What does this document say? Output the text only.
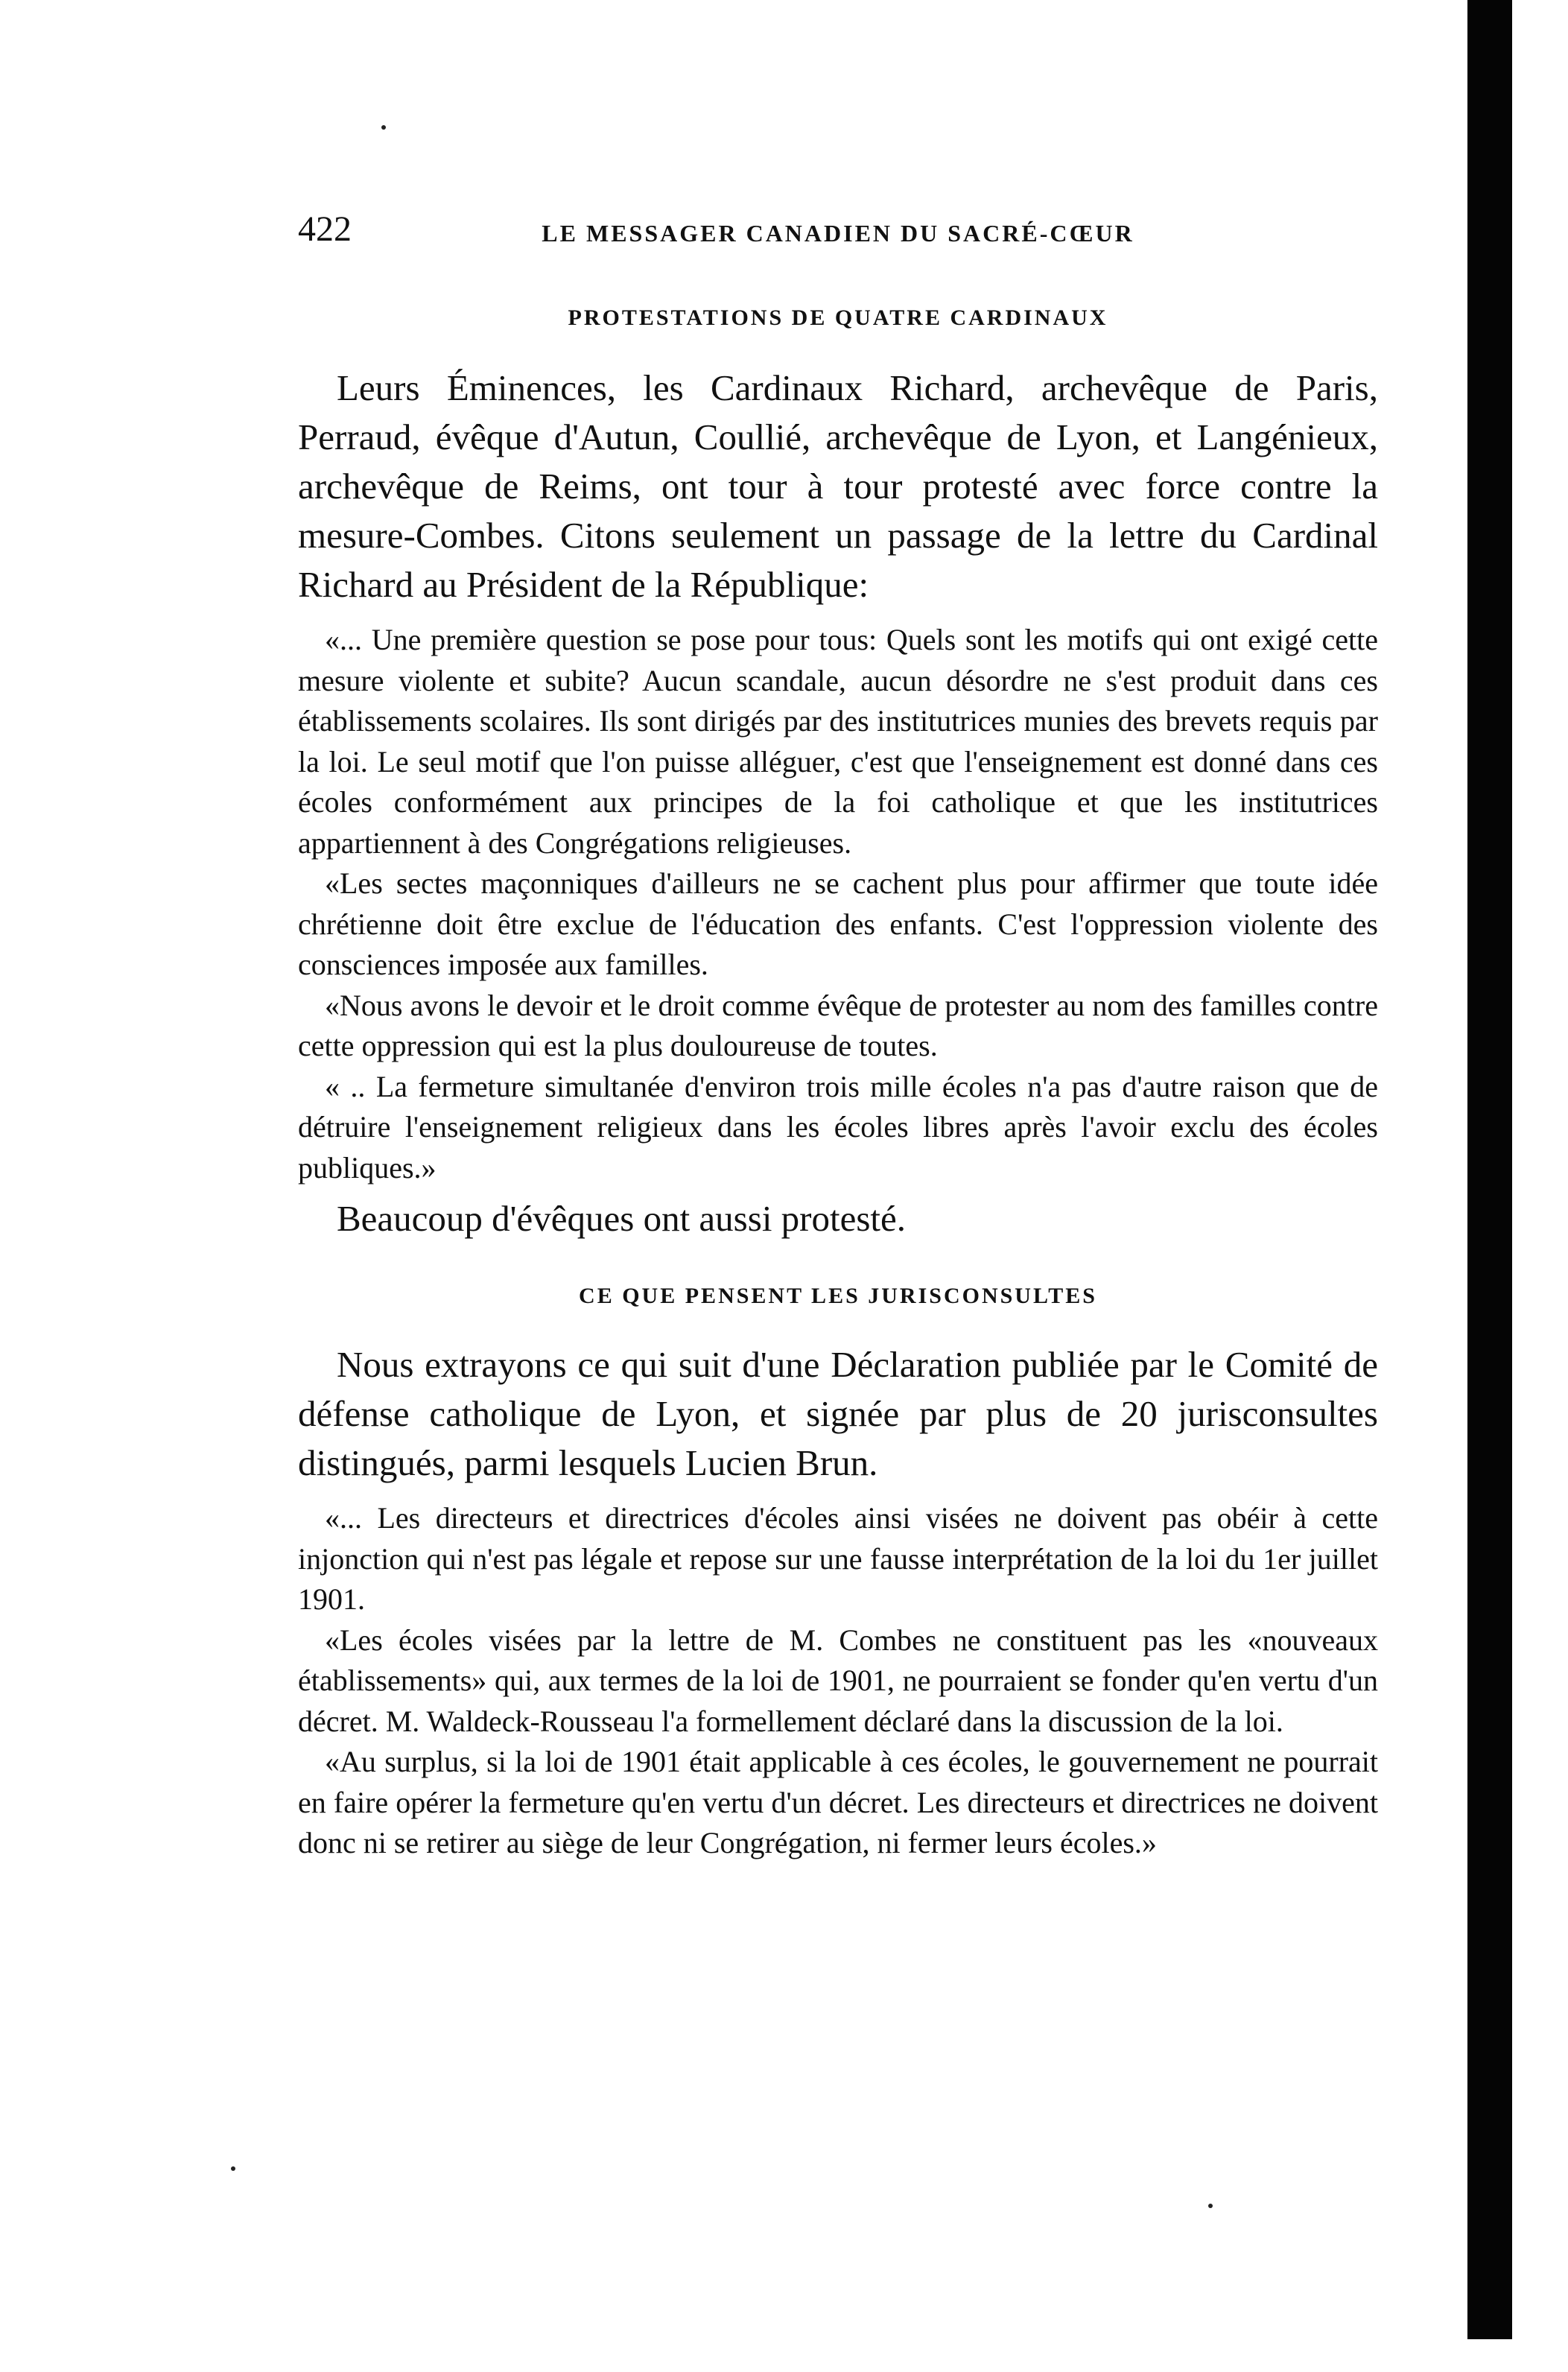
422	LE MESSAGER CANADIEN DU SACRÉ-CŒUR
PROTESTATIONS DE QUATRE CARDINAUX

Leurs Éminences, les Cardinaux Richard, archevêque de Paris, Perraud, évêque d'Autun, Coullié, archevêque de Lyon, et Langénieux, archevêque de Reims, ont tour à tour protesté avec force contre la mesure-Combes. Citons seulement un passage de la lettre du Cardinal Richard au Président de la République:

«... Une première question se pose pour tous: Quels sont les motifs qui ont exigé cette mesure violente et subite? Aucun scandale, aucun désordre ne s'est produit dans ces établissements scolaires. Ils sont dirigés par des institutrices munies des brevets requis par la loi. Le seul motif que l'on puisse alléguer, c'est que l'enseignement est donné dans ces écoles conformément aux principes de la foi catholique et que les institutrices appartiennent à des Congrégations religieuses.

«Les sectes maçonniques d'ailleurs ne se cachent plus pour affirmer que toute idée chrétienne doit être exclue de l'éducation des enfants. C'est l'oppression violente des consciences imposée aux familles.

«Nous avons le devoir et le droit comme évêque de protester au nom des familles contre cette oppression qui est la plus douloureuse de toutes.

« .. La fermeture simultanée d'environ trois mille écoles n'a pas d'autre raison que de détruire l'enseignement religieux dans les écoles libres après l'avoir exclu des écoles publiques.»

Beaucoup d'évêques ont aussi protesté.

CE QUE PENSENT LES JURISCONSULTES

Nous extrayons ce qui suit d'une Déclaration publiée par le Comité de défense catholique de Lyon, et signée par plus de 20 jurisconsultes distingués, parmi lesquels Lucien Brun.

«... Les directeurs et directrices d'écoles ainsi visées ne doivent pas obéir à cette injonction qui n'est pas légale et repose sur une fausse interprétation de la loi du 1er juillet 1901.

«Les écoles visées par la lettre de M. Combes ne constituent pas les «nouveaux établissements» qui, aux termes de la loi de 1901, ne pourraient se fonder qu'en vertu d'un décret. M. Waldeck-Rousseau l'a formellement déclaré dans la discussion de la loi.

«Au surplus, si la loi de 1901 était applicable à ces écoles, le gouvernement ne pourrait en faire opérer la fermeture qu'en vertu d'un décret. Les directeurs et directrices ne doivent donc ni se retirer au siège de leur Congrégation, ni fermer leurs écoles.»
